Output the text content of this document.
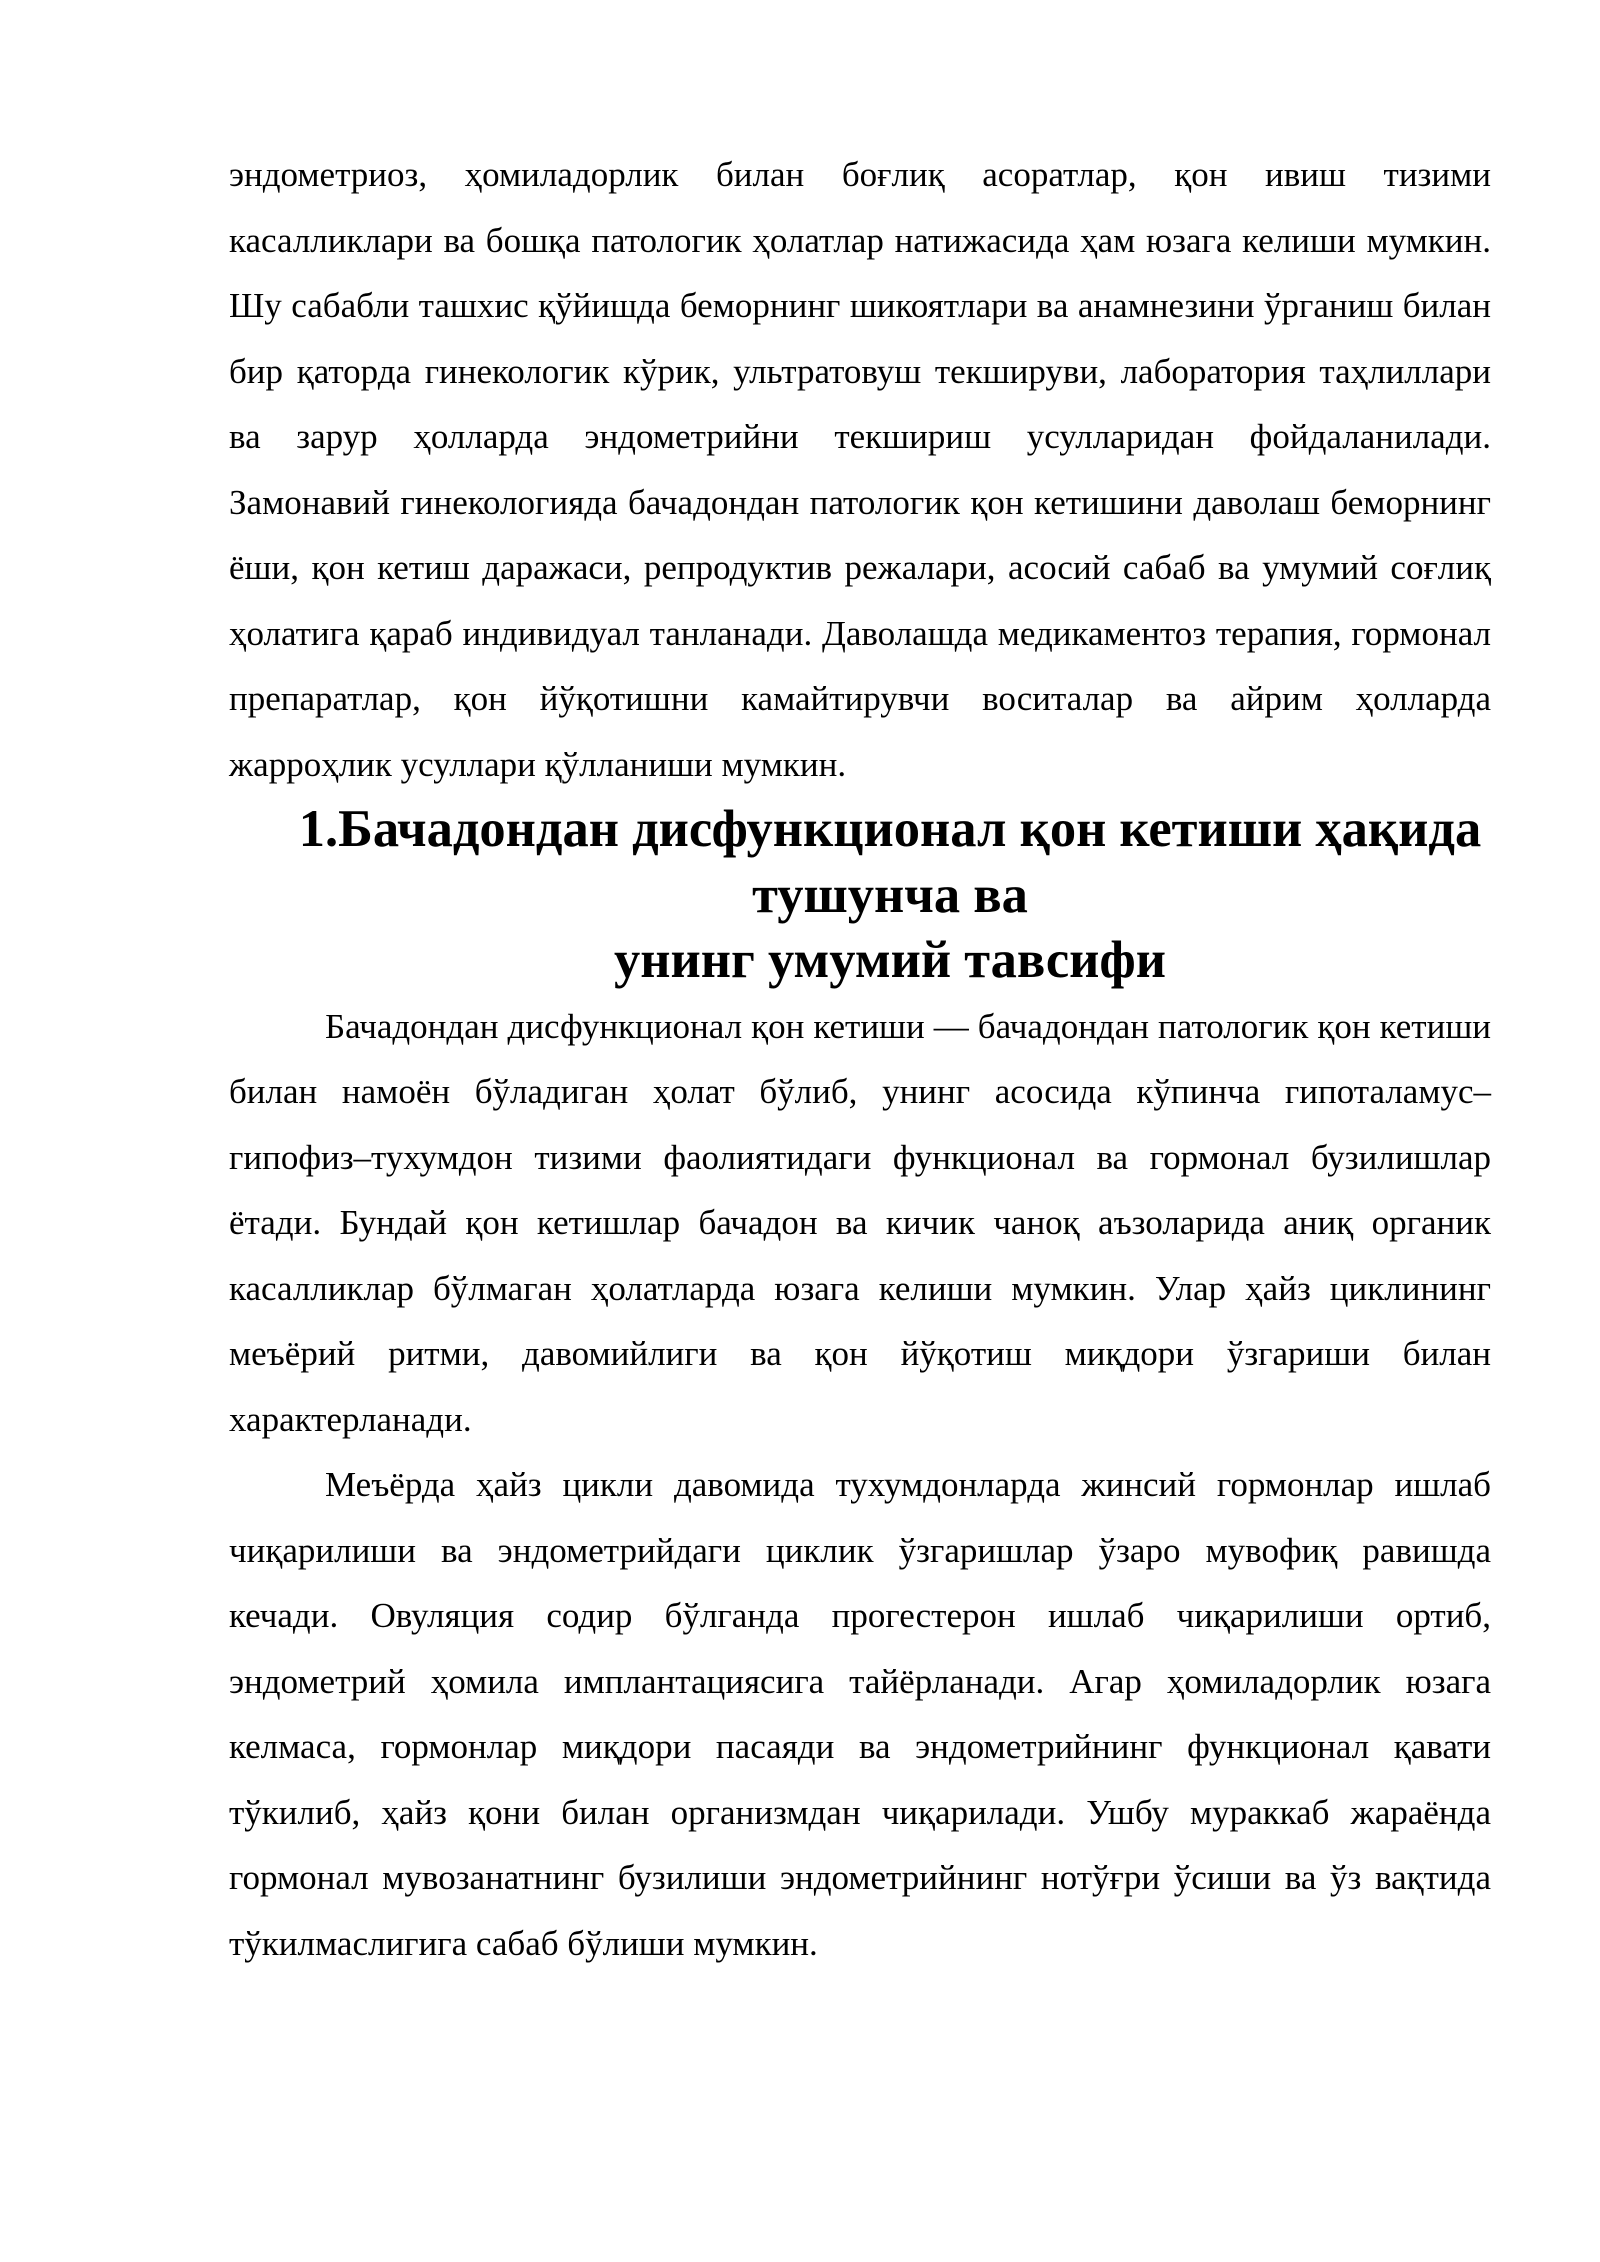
эндометриоз, ҳомиладорлик билан боғлиқ асоратлар, қон ивиш тизими касалликлари ва бошқа патологик ҳолатлар натижасида ҳам юзага келиши мумкин. Шу сабабли ташхис қўйишда беморнинг шикоятлари ва анамнезини ўрганиш билан бир қаторда гинекологик кўрик, ультратовуш текшируви, лаборатория таҳлиллари ва зарур ҳолларда эндометрийни текшириш усулларидан фойдаланилади. Замонавий гинекологияда бачадондан патологик қон кетишини даволаш беморнинг ёши, қон кетиш даражаси, репродуктив режалари, асосий сабаб ва умумий соғлиқ ҳолатига қараб индивидуал танланади. Даволашда медикаментоз терапия, гормонал препаратлар, қон йўқотишни камайтирувчи воситалар ва айрим ҳолларда жарроҳлик усуллари қўлланиши мумкин.

1.Бачадондан дисфункционал қон кетиши ҳақида тушунча ва
унинг умумий тавсифи

Бачадондан дисфункционал қон кетиши — бачадондан патологик қон кетиши билан намоён бўладиган ҳолат бўлиб, унинг асосида кўпинча гипоталамус–гипофиз–тухумдон тизими фаолиятидаги функционал ва гормонал бузилишлар ётади. Бундай қон кетишлар бачадон ва кичик чаноқ аъзоларида аниқ органик касалликлар бўлмаган ҳолатларда юзага келиши мумкин. Улар ҳайз циклининг меъёрий ритми, давомийлиги ва қон йўқотиш миқдори ўзгариши билан характерланади.

Меъёрда ҳайз цикли давомида тухумдонларда жинсий гормонлар ишлаб чиқарилиши ва эндометрийдаги циклик ўзгаришлар ўзаро мувофиқ равишда кечади. Овуляция содир бўлганда прогестерон ишлаб чиқарилиши ортиб, эндометрий ҳомила имплантациясига тайёрланади. Агар ҳомиладорлик юзага келмаса, гормонлар миқдори пасаяди ва эндометрийнинг функционал қавати тўкилиб, ҳайз қони билан организмдан чиқарилади. Ушбу мураккаб жараёнда гормонал мувозанатнинг бузилиши эндометрийнинг нотўғри ўсиши ва ўз вақтида тўкилмаслигига сабаб бўлиши мумкин.
